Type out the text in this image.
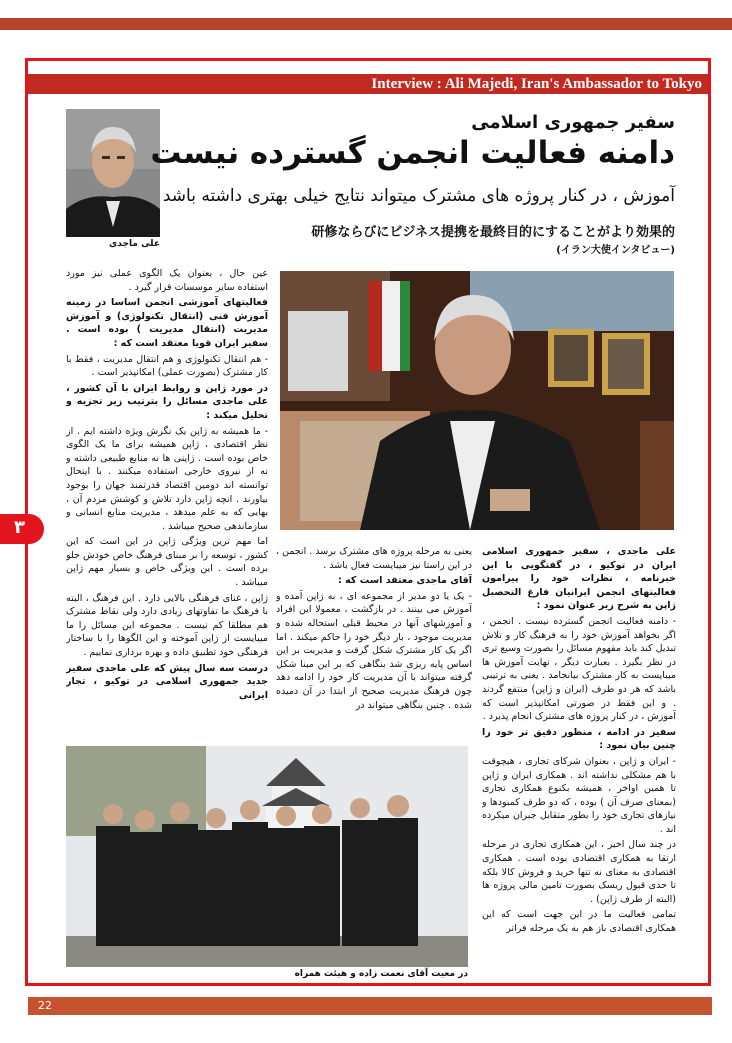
Interview : Ali Majedi, Iran's Ambassador to Tokyo
علی ماجدی
سفیر جمهوری اسلامی
دامنه فعالیت انجمن گسترده نیست
آموزش ، در کنار پروژه های مشترک میتواند نتایج خیلی بهتری داشته باشد
研修ならびにビジネス提携を最終目的にすることがより効果的
(イラン大使インタビュー)
۳

عین حال ، بعنوان یک الگوی عملی نیز مورد استفاده سایر موسسات قرار گیرد .

فعالیتهای آموزشی انجمن اساسا در زمینه آموزش فنی (انتقال تکنولوژی) و آموزش مدیریت (انتقال مدیریت ) بوده است . سفیر ایران قویا معتقد است که :

- هم انتقال تکنولوژی و هم انتقال مدیریت ، فقط با کار مشترک (بصورت عملی) امکانپذیر است .

در مورد ژاپن و روابط ایران با آن کشور ، علی ماجدی مسائل را بترتیب زیر تجزیه و تحلیل میکند :

- ما همیشه به ژاپن یک نگرش ویژه داشته ایم . از نظر اقتصادی ، ژاپن همیشه برای ما یک الگوی خاص بوده است . ژاپنی ها نه منابع طبیعی داشته و نه از نیروی خارجی استفاده میکنند . با اینحال توانسته اند دومین اقتصاد قدرتمند جهان را بوجود بیاورند . انچه ژاپن دارد تلاش و کوشش مردم آن ، بهایی که به علم میدهد ، مدیریت منابع انسانی و سازماندهی صحیح میباشد .

اما مهم ترین ویژگی ژاپن در این است که این کشور ، توسعه را بر مبنای فرهنگ خاص خودش جلو برده است . این ویژگی خاص و بسیار مهم ژاپن میباشد .

ژاپن ، غنای فرهنگی بالایی دارد . این فرهنگ ، البته با فرهنگ ما تفاوتهای زیادی دارد ولی نقاط مشترک هم مطلقا کم نیست . مجموعه این مسائل را ما میبایست از ژاپن آموخته و این الگوها را با ساختار فرهنگی خود تطبیق داده و بهره برداری نماییم .

درست سه سال پیش که علی ماجدی سفیر جدید جمهوری اسلامی در توکیو ، تجار ایرانی

یعنی به مرحله پروژه های مشترک برسد . انجمن ، در این راستا نیز میبایست فعال باشد .

آقای ماجدی معتقد است که :

- یک یا دو مدیر از مجموعه ای ، به ژاپن آمده و آموزش می بینند . در بازگشت ، معمولا این افراد و آموزشهای آنها در محیط قبلی استحاله شده و مدیریت موجود ، بار دیگر خود را حاکم میکند . اما اگر یک کار مشترک شکل گرفت و مدیریت بر این اساس پایه ریزی شد بنگاهی که بر این مبنا شکل گرفته میتواند با آن مدیریت کار خود را ادامه دهد چون فرهنگ مدیریت صحیح از ابتدا در آن دمیده شده . چنین بنگاهی میتواند در

علی ماجدی ، سفیر جمهوری اسلامی ایران در توکیو ، در گفتگویی با این خبرنامه ، نظرات خود را پیرامون فعالیتهای انجمن ایرانیان فارغ التحصیل ژاپن به شرح زیر عنوان نمود :

- دامنه فعالیت انجمن گسترده نیست . انجمن ، اگر بخواهد آموزش خود را به فرهنگ کار و تلاش تبدیل کند باید مفهوم مسائل را بصورت وسیع تری در نظر بگیرد . بعبارت دیگر ، نهایت آموزش ها میبایست به کار مشترک بیانجامد . یعنی به ترتیبی باشد که هر دو طرف (ایران و ژاپن) منتفع گردند . و این فقط در صورتی امکانپذیر است که آموزش ، در کنار پروژه های مشترک انجام پذیرد .

سفیر در ادامه ، منظور دقیق تر خود را چنین بیان نمود :

- ایران و ژاپن ، بعنوان شرکای تجاری ، هیچوقت با هم مشکلی نداشته اند . همکاری ایران و ژاپن تا همین اواخر ، همیشه بکنوع همکاری تجاری (بمعنای صرف آن ) بوده ، که دو طرف کمبودها و نیازهای تجاری خود را بطور متقابل جبران میکرده اند .

در چند سال اخیر ، این همکاری تجاری در مرحله ارتقا به همکاری اقتصادی بوده است . همکاری اقتصادی به معنای نه تنها خرید و فروش کالا بلکه تا حدی قبول ریسک بصورت تامین مالی پروژه ها (البته از طرف ژاپن) .

تمامی فعالیت ما در این جهت است که این همکاری اقتصادی باز هم به یک مرحله فراتر

در معیت آقای نعمت زاده و هیئت همراه
22
